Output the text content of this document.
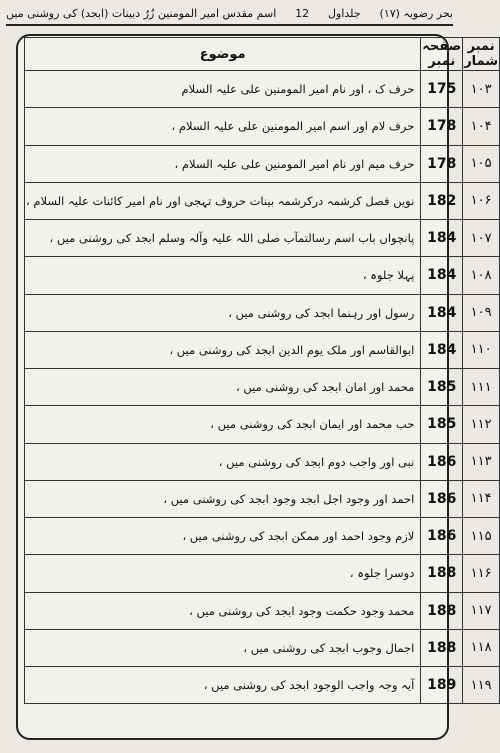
اسم مقدس امیر المومنین زُرُ دبینات (ابجد) کی روشنی میں 12 جلداول بحر رضویہ (۱۷)
نمبر شمار	صفحہ نمبر	موضوع
۱۰۳	175	حرف ک ، اور نام امیر المومنین علی علیہ السلام
۱۰۴	178	حرف لام اور اسم امیر المومنین علی علیہ السلام ،
۱۰۵	178	حرف میم اور نام امیر المومنین علی علیہ السلام ،
۱۰۶	182	نویں فصل کرشمہ درکرشمہ بینات حروف تہجی اور نام امیر کائنات علیہ السلام ،
۱۰۷	184	پانچواں باب اسم رسالتمآب صلی اللہ علیہ وآلہ وسلم ابجد کی روشنی میں ،
۱۰۸	184	پہلا جلوہ ،
۱۰۹	184	رسول اور رہنما ابجد کی روشنی میں ،
۱۱۰	184	ابوالقاسم اور ملک یوم الدین ابجد کی روشنی میں ،
۱۱۱	185	محمد اور امان ابجد کی روشنی میں ،
۱۱۲	185	حب محمد اور ایمان ابجد کی روشنی میں ،
۱۱۳	186	نبی اور واجب دوم ابجد کی روشنی میں ،
۱۱۴	186	احمد اور وجود اجل ابجد وجود ابجد کی روشنی میں ،
۱۱۵	186	لازم وجود احمد اور ممکن ابجد کی روشنی میں ،
۱۱۶	188	دوسرا جلوہ ،
۱۱۷	188	محمد وجود حکمت وجود ابجد کی روشنی میں ،
۱۱۸	188	اجمال وجوب ابجد کی روشنی میں ،
۱۱۹	189	آیہ وجہ واجب الوجود ابجد کی روشنی میں ،
